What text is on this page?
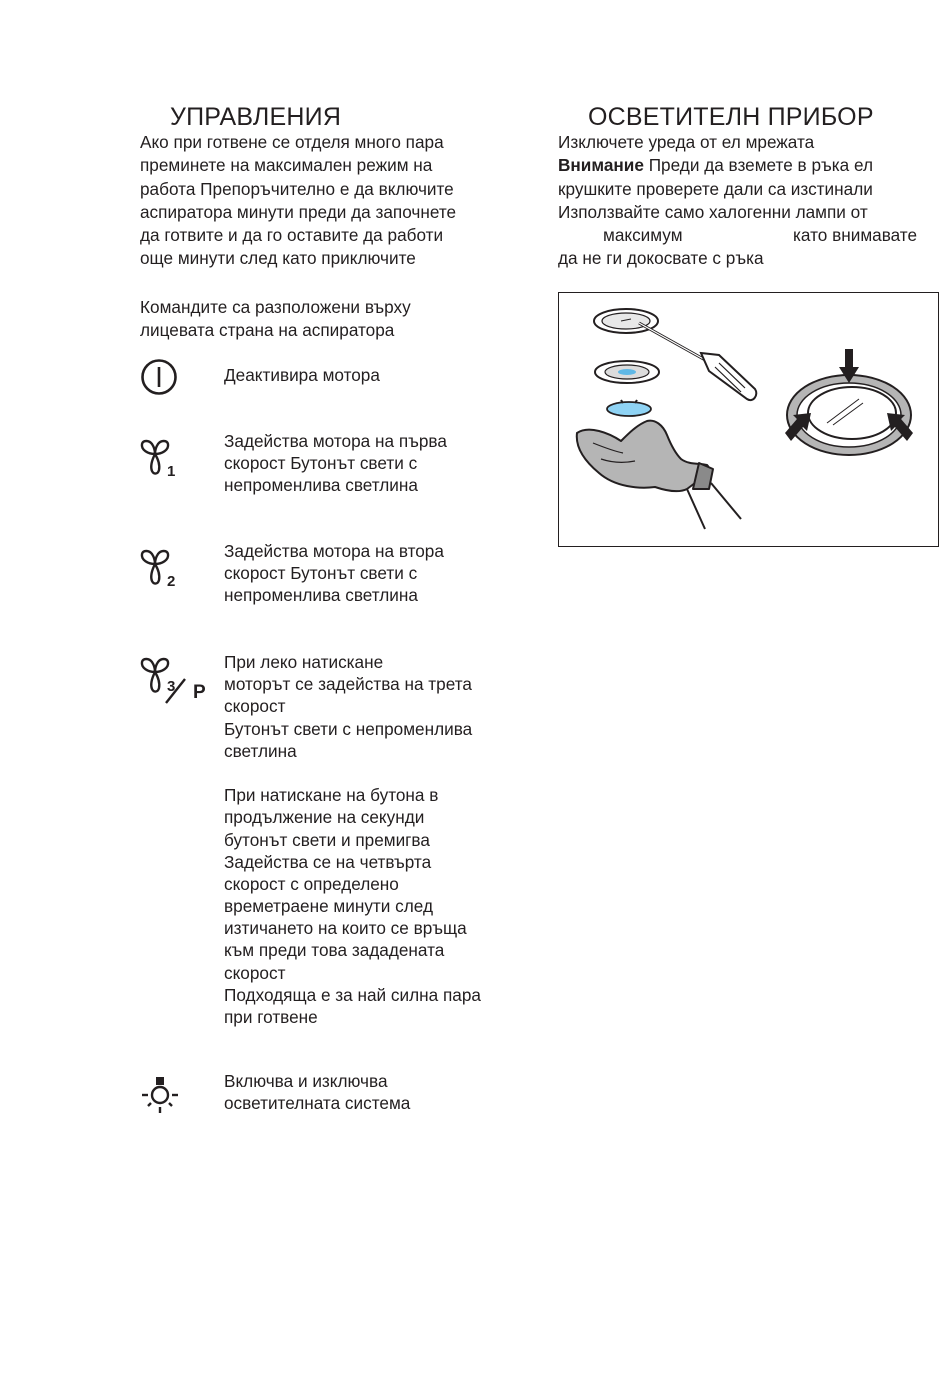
УПРАВЛЕНИЯ
Ако при готвене се отделя много пара
преминете на максимален режим на
работа Препоръчително е да включите
аспиратора минути преди да започнете
да готвите и да го оставите да работи
още минути след като приключите
Командите са разположени върху
лицевата страна на аспиратора
Деактивира мотора
1
Задейства мотора на първа
скорост Бутонът свети с
непроменлива светлина
2
Задейства мотора на втора
скорост Бутонът свети с
непроменлива светлина
3 P
При леко натискане
моторът се задейства на трета
скорост
Бутонът свети с непроменлива
светлина
При натискане на бутона в
продължение на секунди
бутонът свети и премигва
Задейства се на четвърта
скорост с определено
времетраене минути след
изтичането на които се връща
към преди това зададената
скорост
Подходяща е за най силна пара
при готвене
Включва и изключва
осветителната система
ОСВЕТИТЕЛН ПРИБОР
Изключете уреда от ел мрежата
Внимание Преди да вземете в ръка ел
крушките проверете дали са изстинали
Използвайте само халогенни лампи от
максимум	като внимавате
да не ги докосвате с ръка
